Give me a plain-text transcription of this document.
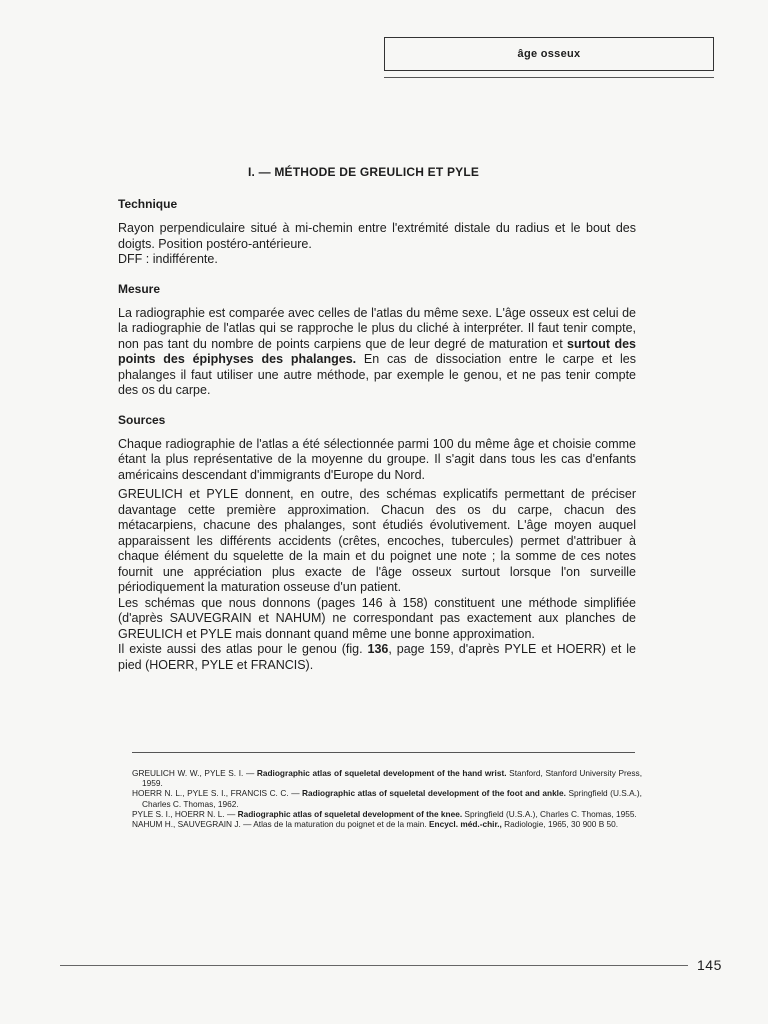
âge osseux
I. — MÉTHODE DE GREULICH ET PYLE
Technique

Rayon perpendiculaire situé à mi-chemin entre l'extrémité distale du radius et le bout des doigts. Position postéro-antérieure.

DFF : indifférente.

Mesure

La radiographie est comparée avec celles de l'atlas du même sexe. L'âge osseux est celui de la radiographie de l'atlas qui se rapproche le plus du cliché à interpréter. Il faut tenir compte, non pas tant du nombre de points carpiens que de leur degré de maturation et surtout des points des épiphyses des phalanges. En cas de dissociation entre le carpe et les phalanges il faut utiliser une autre méthode, par exemple le genou, et ne pas tenir compte des os du carpe.

Sources

Chaque radiographie de l'atlas a été sélectionnée parmi 100 du même âge et choisie comme étant la plus représentative de la moyenne du groupe. Il s'agit dans tous les cas d'enfants américains descendant d'immigrants d'Europe du Nord.

GREULICH et PYLE donnent, en outre, des schémas explicatifs permettant de préciser davantage cette première approximation. Chacun des os du carpe, chacun des métacarpiens, chacune des phalanges, sont étudiés évolutivement. L'âge moyen auquel apparaissent les différents accidents (crêtes, encoches, tubercules) permet d'attribuer à chaque élément du squelette de la main et du poignet une note ; la somme de ces notes fournit une appréciation plus exacte de l'âge osseux surtout lorsque l'on surveille périodiquement la maturation osseuse d'un patient.

Les schémas que nous donnons (pages 146 à 158) constituent une méthode simplifiée (d'après SAUVEGRAIN et NAHUM) ne correspondant pas exactement aux planches de GREULICH et PYLE mais donnant quand même une bonne approximation.

Il existe aussi des atlas pour le genou (fig. 136, page 159, d'après PYLE et HOERR) et le pied (HOERR, PYLE et FRANCIS).

GREULICH W. W., PYLE S. I. — Radiographic atlas of squeletal development of the hand wrist. Stanford, Stanford University Press, 1959.

HOERR N. L., PYLE S. I., FRANCIS C. C. — Radiographic atlas of squeletal development of the foot and ankle. Springfield (U.S.A.), Charles C. Thomas, 1962.

PYLE S. I., HOERR N. L. — Radiographic atlas of squeletal development of the knee. Springfield (U.S.A.), Charles C. Thomas, 1955.

NAHUM H., SAUVEGRAIN J. — Atlas de la maturation du poignet et de la main. Encycl. méd.-chir., Radiologie, 1965, 30 900 B 50.

145
